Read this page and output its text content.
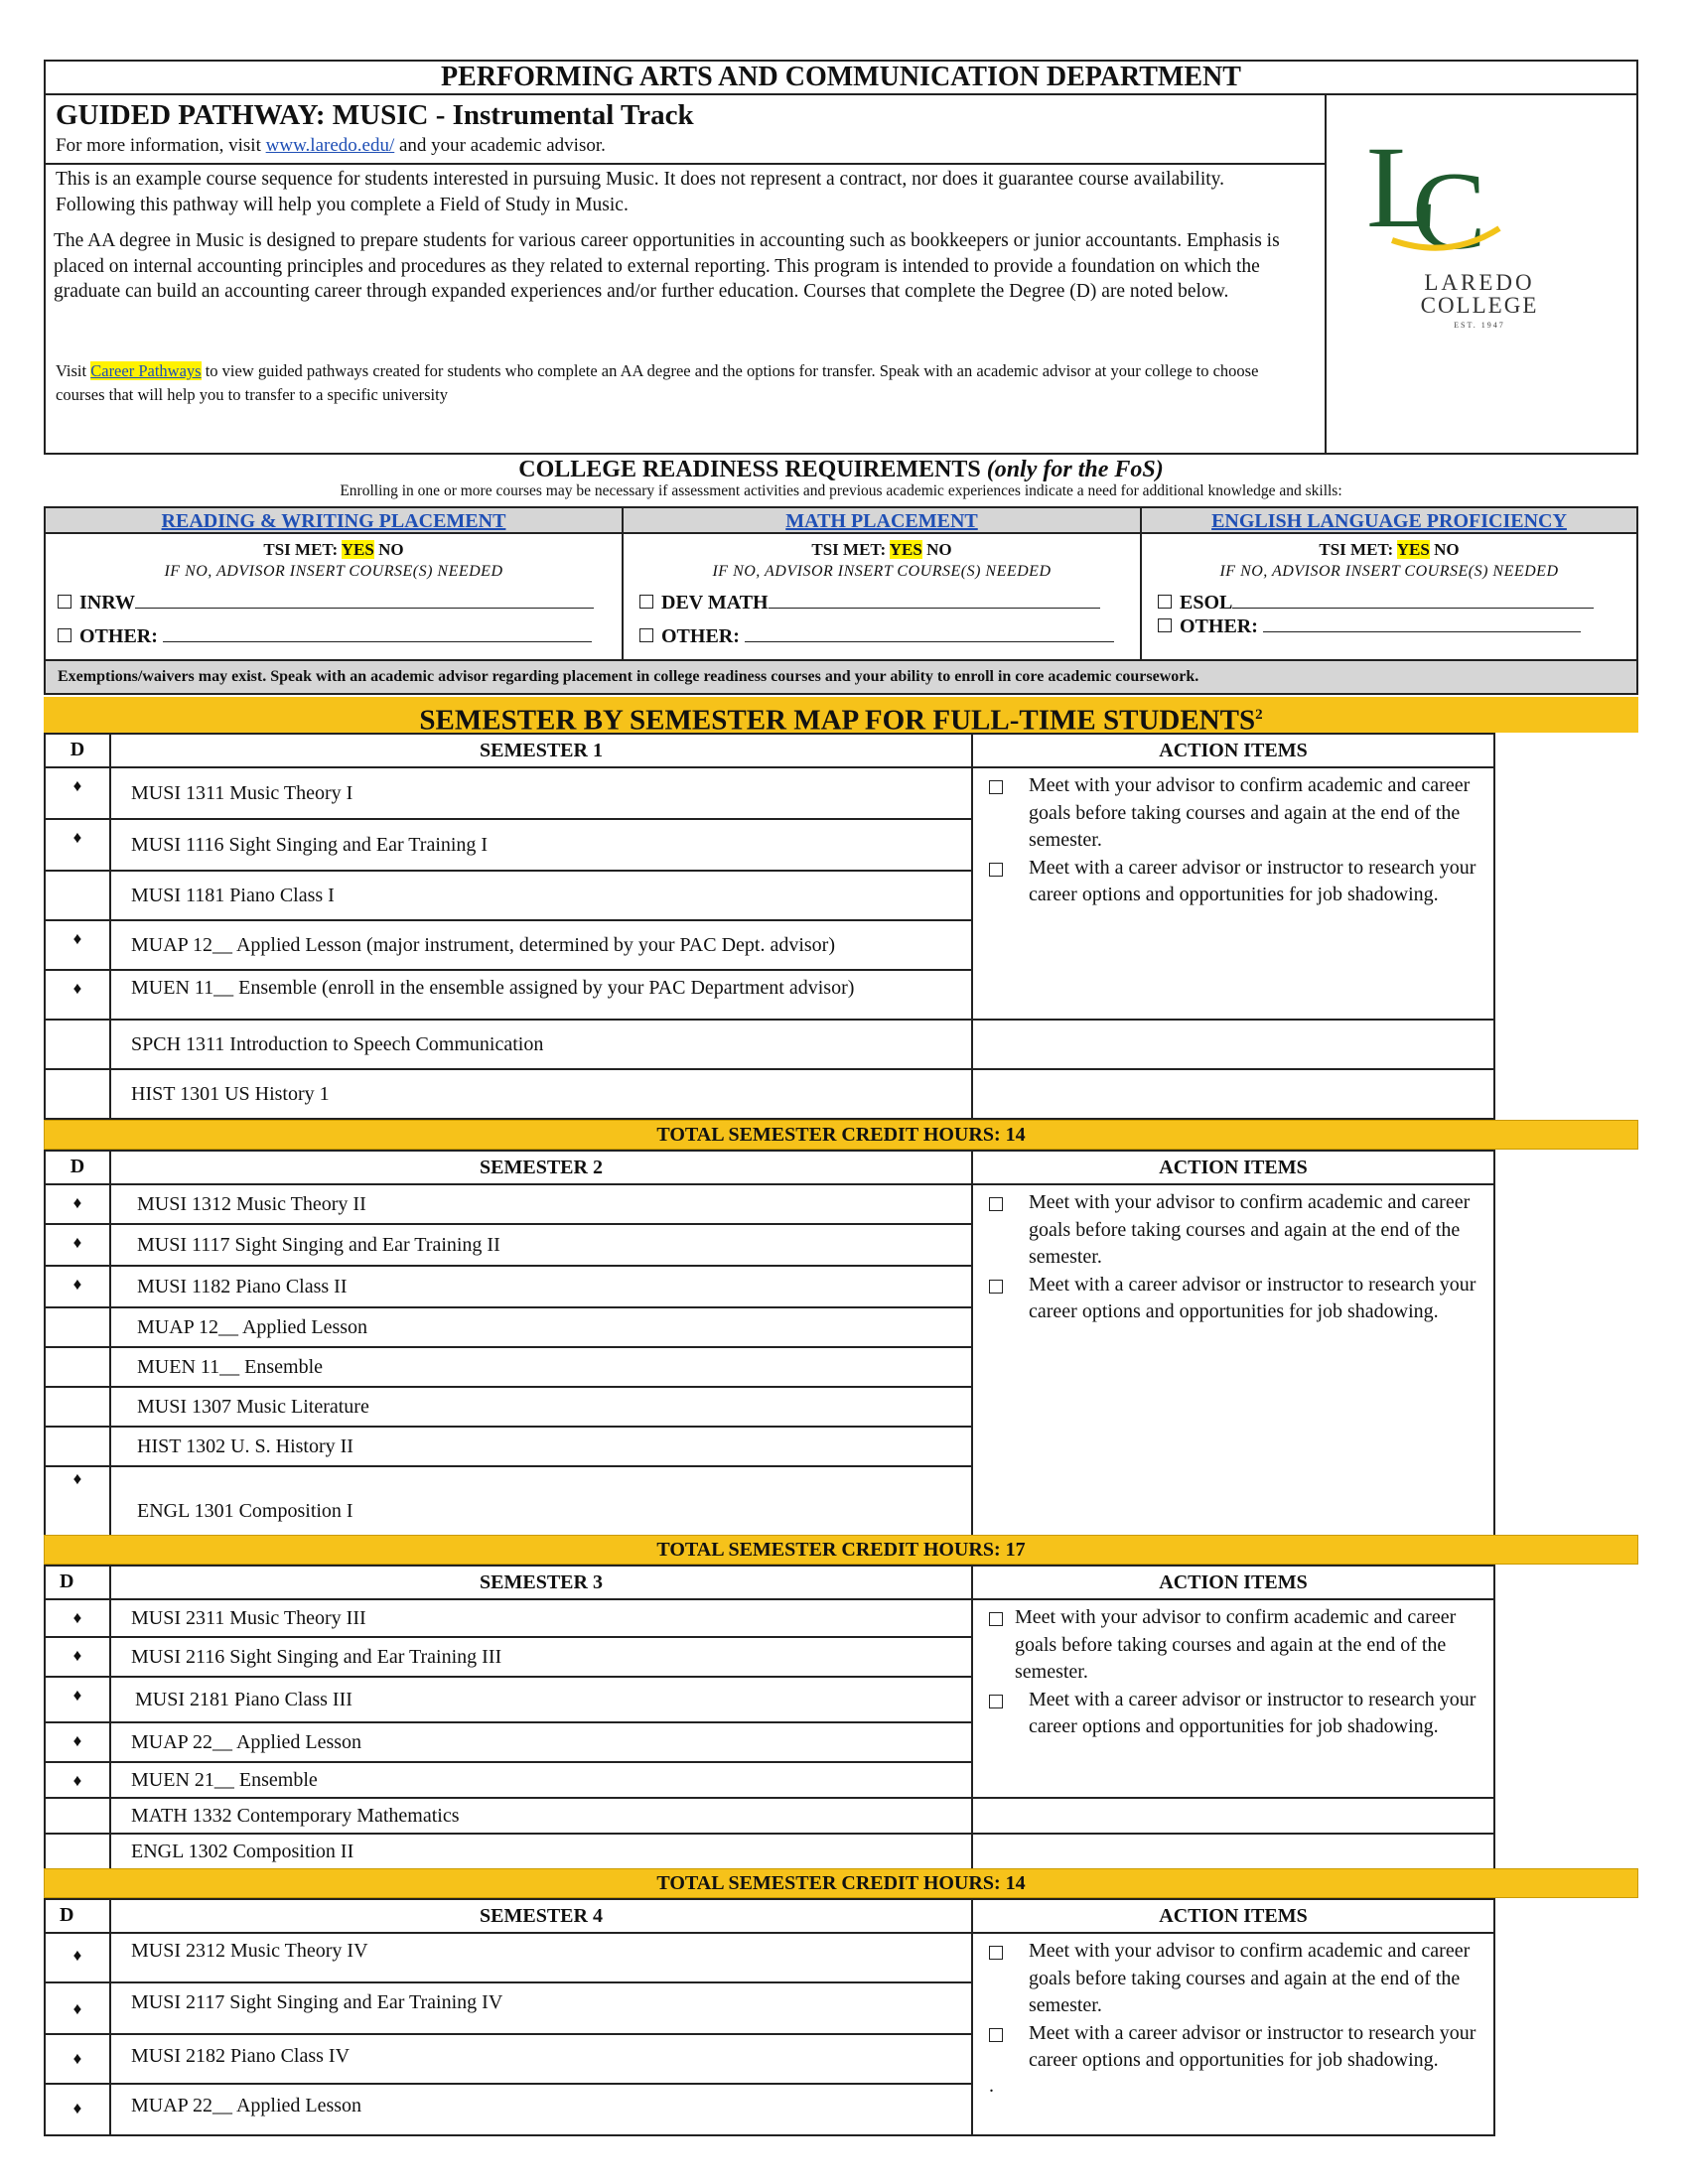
PERFORMING ARTS AND COMMUNICATION DEPARTMENT
GUIDED PATHWAY: MUSIC - Instrumental Track
For more information, visit www.laredo.edu/ and your academic advisor.
This is an example course sequence for students interested in pursuing Music. It does not represent a contract, nor does it guarantee course availability. Following this pathway will help you complete a Field of Study in Music.
The AA degree in Music is designed to prepare students for various career opportunities in accounting such as bookkeepers or junior accountants. Emphasis is placed on internal accounting principles and procedures as they related to external reporting. This program is intended to provide a foundation on which the graduate can build an accounting career through expanded experiences and/or further education. Courses that complete the Degree (D) are noted below.
Visit Career Pathways to view guided pathways created for students who complete an AA degree and the options for transfer. Speak with an academic advisor at your college to choose courses that will help you to transfer to a specific university
L
C
LAREDO
COLLEGE
EST. 1947
COLLEGE READINESS REQUIREMENTS (only for the FoS)
Enrolling in one or more courses may be necessary if assessment activities and previous academic experiences indicate a need for additional knowledge and skills:
READING & WRITING PLACEMENT
TSI MET: YES NO
IF NO, ADVISOR INSERT COURSE(S) NEEDED
INRW
OTHER:
MATH PLACEMENT
TSI MET: YES NO
IF NO, ADVISOR INSERT COURSE(S) NEEDED
DEV MATH
OTHER:
ENGLISH LANGUAGE PROFICIENCY
TSI MET: YES NO
IF NO, ADVISOR INSERT COURSE(S) NEEDED
ESOL
OTHER:
Exemptions/waivers may exist. Speak with an academic advisor regarding placement in college readiness courses and your ability to enroll in core academic coursework.
SEMESTER BY SEMESTER MAP FOR FULL-TIME STUDENTS$^2$
D	SEMESTER 1	ACTION ITEMS
♦	MUSI 1311 Music Theory I	Meet with your advisor to confirm academic and career goals before taking courses and again at the end of the semester.

Meet with a career advisor or instructor to research your career options and opportunities for job shadowing.

♦	MUSI 1116 Sight Singing and Ear Training I	
	MUSI 1181 Piano Class I	
♦	MUAP 12__ Applied Lesson (major instrument, determined by your PAC Dept. advisor)	
♦	MUEN 11__ Ensemble (enroll in the ensemble assigned by your PAC Department advisor)	
	SPCH 1311 Introduction to Speech Communication	
	HIST 1301 US History 1	
TOTAL SEMESTER CREDIT HOURS: 14
D	SEMESTER 2	ACTION ITEMS
♦	MUSI 1312 Music Theory II	Meet with your advisor to confirm academic and career goals before taking courses and again at the end of the semester.

Meet with a career advisor or instructor to research your career options and opportunities for job shadowing.

♦	MUSI 1117 Sight Singing and Ear Training II	
♦	MUSI 1182 Piano Class II	
	MUAP 12__ Applied Lesson	
	MUEN 11__ Ensemble	
	MUSI 1307 Music Literature	
	HIST 1302 U. S. History II	
♦	ENGL 1301 Composition I	
TOTAL SEMESTER CREDIT HOURS: 17
D	SEMESTER 3	ACTION ITEMS
♦	MUSI 2311 Music Theory III	Meet with your advisor to confirm academic and career goals before taking courses and again at the end of the semester.

Meet with a career advisor or instructor to research your career options and opportunities for job shadowing.

♦	MUSI 2116 Sight Singing and Ear Training III	
♦	MUSI 2181 Piano Class III	
♦	MUAP 22__ Applied Lesson	
♦	MUEN 21__ Ensemble	
	MATH 1332 Contemporary Mathematics	
	ENGL 1302 Composition II	
TOTAL SEMESTER CREDIT HOURS: 14
D	SEMESTER 4	ACTION ITEMS
♦	MUSI 2312 Music Theory IV	Meet with your advisor to confirm academic and career goals before taking courses and again at the end of the semester.

Meet with a career advisor or instructor to research your career options and opportunities for job shadowing.

.

♦	MUSI 2117 Sight Singing and Ear Training IV	
♦	MUSI 2182 Piano Class IV	
♦	MUAP 22__ Applied Lesson	
